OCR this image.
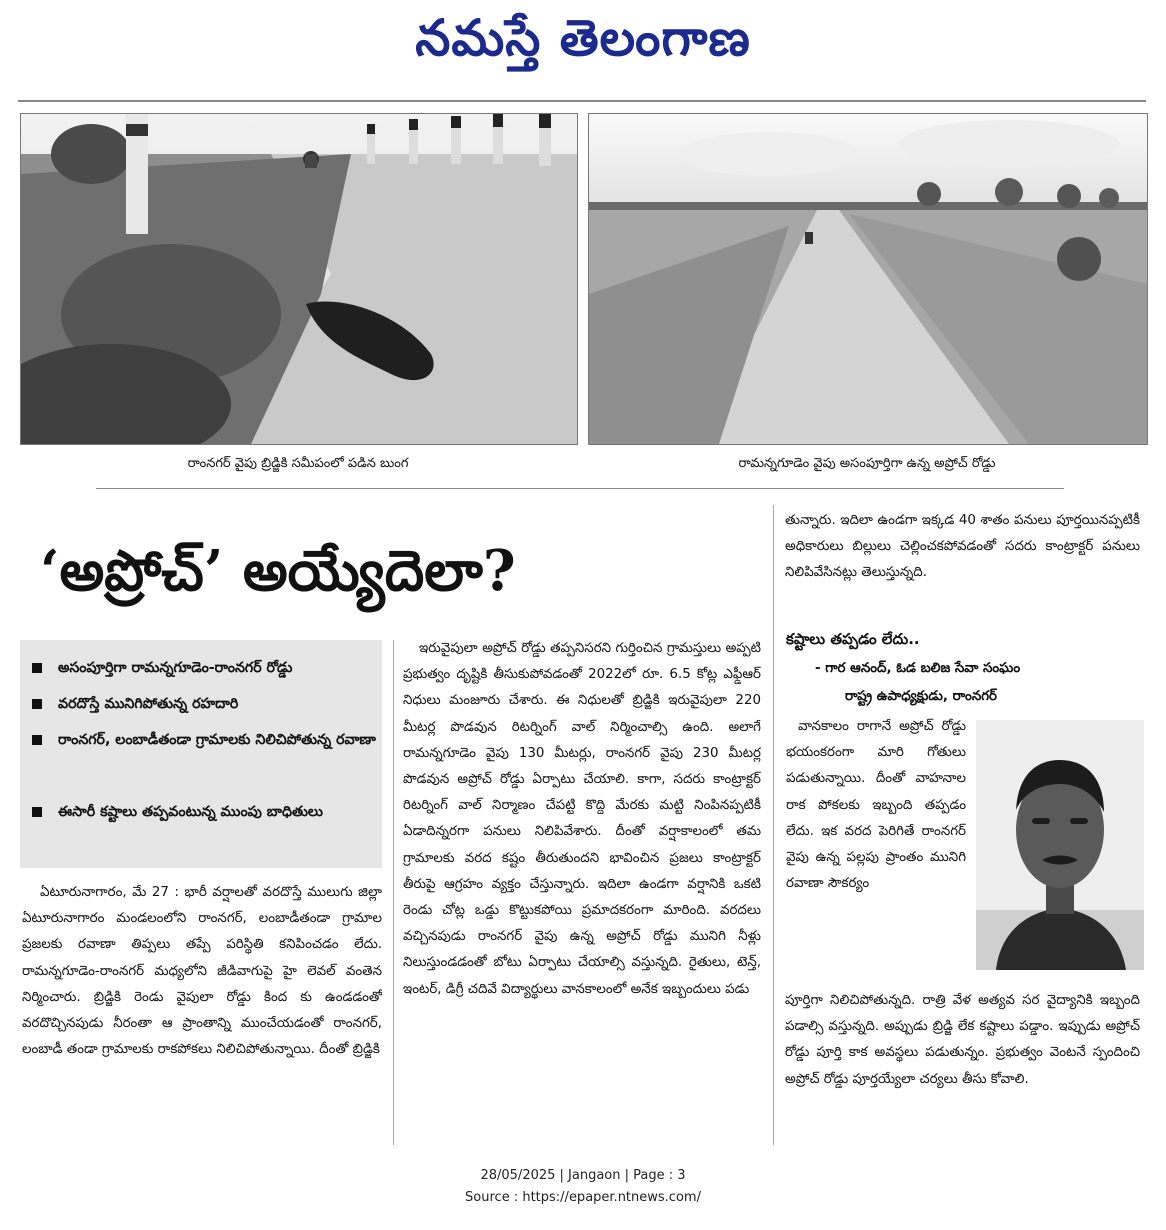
నమస్తే తెలంగాణ
రాంనగర్ వైపు బ్రిడ్జికి సమీపంలో పడిన బుంగ	రామన్నగూడెం వైపు అసంపూర్తిగా ఉన్న అప్రోచ్ రోడ్డు
‘అప్రోచ్’ అయ్యేదెలా?
అసంపూర్తిగా రామన్నగూడెం-రాంనగర్ రోడ్డు
వరదొస్తే మునిగిపోతున్న రహదారి
రాంనగర్, లంబాడీతండా గ్రామాలకు నిలిచిపోతున్న రవాణా
ఈసారీ కష్టాలు తప్పవంటున్న ముంపు బాధితులు

ఏటూరునాగారం, మే 27 : భారీ వర్షాలతో వరదొస్తే ములుగు జిల్లా ఏటూరునాగారం మండలంలోని రాంనగర్, లంబాడీతండా గ్రామాల ప్రజలకు రవాణా తిప్పలు తప్పే పరిస్థితి కనిపించడం లేదు. రామన్నగూడెం-రాంనగర్ మధ్యలోని జీడివాగుపై హై లెవల్ వంతెన నిర్మించారు. బ్రిడ్జికి రెండు వైపులా రోడ్డు కింద కు ఉండడంతో వరదొచ్చినపుడు నీరంతా ఆ ప్రాంతాన్ని ముంచేయడంతో రాంనగర్, లంబాడీ తండా గ్రామాలకు రాకపోకలు నిలిచిపోతున్నాయి. దీంతో బ్రిడ్జికి

ఇరువైపులా అప్రోచ్ రోడ్డు తప్పనిసరని గుర్తించిన గ్రామస్తులు అప్పటి ప్రభుత్వం దృష్టికి తీసుకుపోవడంతో 2022లో రూ. 6.5 కోట్ల ఎఫ్డీఆర్ నిధులు మంజూరు చేశారు. ఈ నిధులతో బ్రిడ్జికి ఇరువైపులా 220 మీటర్ల పొడవున రిటర్నింగ్ వాల్ నిర్మించాల్సి ఉంది. అలాగే రామన్నగూడెం వైపు 130 మీటర్లు, రాంనగర్ వైపు 230 మీటర్ల పొడవున అప్రోచ్ రోడ్డు ఏర్పాటు చేయాలి. కాగా, సదరు కాంట్రాక్టర్ రిటర్నింగ్ వాల్ నిర్మాణం చేపట్టి కొద్ది మేరకు మట్టి నింపినప్పటికీ ఏడాదిన్నరగా పనులు నిలిపివేశారు. దీంతో వర్షాకాలంలో తమ గ్రామాలకు వరద కష్టం తీరుతుందని భావించిన ప్రజలు కాంట్రాక్టర్ తీరుపై ఆగ్రహం వ్యక్తం చేస్తున్నారు. ఇదిలా ఉండగా వర్షానికి ఒకటి రెండు చోట్ల ఒడ్డు కొట్టుకపోయి ప్రమాదకరంగా మారింది. వరదలు వచ్చినపుడు రాంనగర్ వైపు ఉన్న అప్రోచ్ రోడ్డు మునిగి నీళ్లు నిలుస్తుండడంతో బోటు ఏర్పాటు చేయాల్సి వస్తున్నది. రైతులు, టెన్త్, ఇంటర్, డిగ్రీ చదివే విద్యార్థులు వానకాలంలో అనేక ఇబ్బందులు పడు

తున్నారు. ఇదిలా ఉండగా ఇక్కడ 40 శాతం పనులు పూర్తయినప్పటికీ అధికారులు బిల్లులు చెల్లించకపోవడంతో సదరు కాంట్రాక్టర్ పనులు నిలిపివేసినట్లు తెలుస్తున్నది.

కష్టాలు తప్పడం లేదు..
- గార ఆనంద్, ఓడ బలిజ సేవా సంఘం
రాష్ట్ర ఉపాధ్యక్షుడు, రాంనగర్

వానకాలం రాగానే అప్రోచ్ రోడ్డు భయంకరంగా మారి గోతులు పడుతున్నాయి. దీంతో వాహనాల రాక పోకలకు ఇబ్బంది తప్పడం లేదు. ఇక వరద పెరిగితే రాంనగర్ వైపు ఉన్న పల్లపు ప్రాంతం మునిగి రవాణా సౌకర్యం

పూర్తిగా నిలిచిపోతున్నది. రాత్రి వేళ అత్యవ సర వైద్యానికి ఇబ్బంది పడాల్సి వస్తున్నది. అప్పుడు బ్రిడ్జి లేక కష్టాలు పడ్డాం. ఇప్పుడు అప్రోచ్ రోడ్డు పూర్తి కాక అవస్థలు పడుతున్నం. ప్రభుత్వం వెంటనే స్పందించి అప్రోచ్ రోడ్డు పూర్తయ్యేలా చర్యలు తీసు కోవాలి.

28/05/2025 | Jangaon | Page : 3
Source : https://epaper.ntnews.com/
